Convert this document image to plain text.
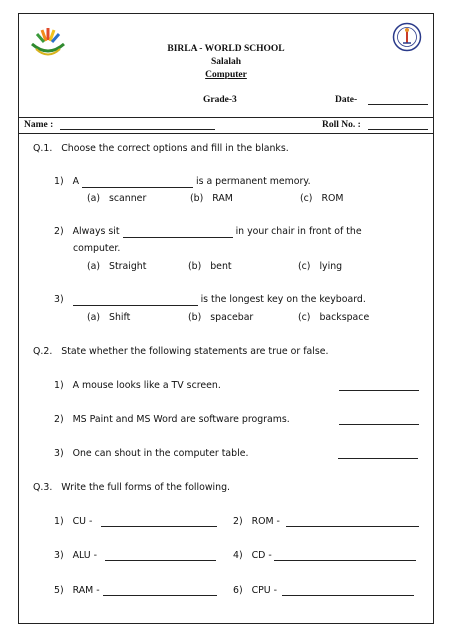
BIRLA - WORLD SCHOOL
Salalah
Computer
Grade-3	Date-
Name :	Roll No. :
Q.1. Choose the correct options and fill in the blanks.
1) A	is a permanent memory.
(a) scanner	(b) RAM	(c) ROM
2) Always sit	in your chair in front of the
computer.
(a) Straight	(b) bent	(c) lying
3)	is the longest key on the keyboard.
(a) Shift	(b) spacebar	(c) backspace
Q.2. State whether the following statements are true or false.
1) A mouse looks like a TV screen.
2) MS Paint and MS Word are software programs.
3) One can shout in the computer table.
Q.3. Write the full forms of the following.
1) CU -	2) ROM -
3) ALU -	4) CD -
5) RAM -	6) CPU -
